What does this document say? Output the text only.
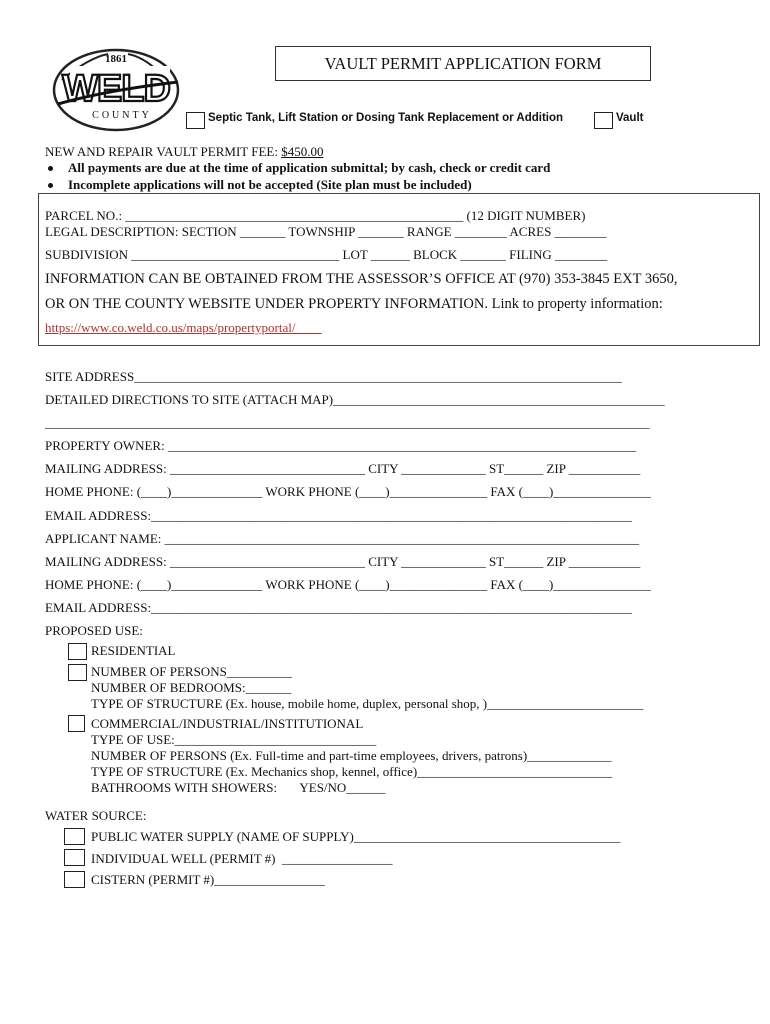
1861
WELD
COUNTY
VAULT PERMIT APPLICATION FORM
Septic Tank, Lift Station or Dosing Tank Replacement or Addition	Vault
NEW AND REPAIR VAULT PERMIT FEE: $450.00
All payments are due at the time of application submittal; by cash, check or credit card
Incomplete applications will not be accepted (Site plan must be included)
PARCEL NO.: ____________________________________________________ (12 DIGIT NUMBER)
LEGAL DESCRIPTION: SECTION _______ TOWNSHIP _______ RANGE ________ ACRES ________
SUBDIVISION ________________________________ LOT ______ BLOCK _______ FILING ________
INFORMATION CAN BE OBTAINED FROM THE ASSESSOR’S OFFICE AT (970) 353-3845 EXT 3650,
OR ON THE COUNTY WEBSITE UNDER PROPERTY INFORMATION. Link to property information:
https://www.co.weld.co.us/maps/propertyportal/____
SITE ADDRESS___________________________________________________________________________
DETAILED DIRECTIONS TO SITE (ATTACH MAP)___________________________________________________
_____________________________________________________________________________________________
PROPERTY OWNER: ________________________________________________________________________
MAILING ADDRESS: ______________________________ CITY _____________ ST______ ZIP ___________
HOME PHONE: (____)______________ WORK PHONE (____)_______________ FAX (____)_______________
EMAIL ADDRESS:__________________________________________________________________________
APPLICANT NAME: _________________________________________________________________________
MAILING ADDRESS: ______________________________ CITY _____________ ST______ ZIP ___________
HOME PHONE: (____)______________ WORK PHONE (____)_______________ FAX (____)_______________
EMAIL ADDRESS:__________________________________________________________________________
PROPOSED USE:
RESIDENTIAL
NUMBER OF PERSONS__________
NUMBER OF BEDROOMS:_______
TYPE OF STRUCTURE (Ex. house, mobile home, duplex, personal shop, )________________________
COMMERCIAL/INDUSTRIAL/INSTITUTIONAL
TYPE OF USE:_______________________________
NUMBER OF PERSONS (Ex. Full-time and part-time employees, drivers, patrons)_____________
TYPE OF STRUCTURE (Ex. Mechanics shop, kennel, office)______________________________
BATHROOMS WITH SHOWERS:       YES/NO______
WATER SOURCE:
PUBLIC WATER SUPPLY (NAME OF SUPPLY)_________________________________________
INDIVIDUAL WELL (PERMIT #)  _________________
CISTERN (PERMIT #)_________________
